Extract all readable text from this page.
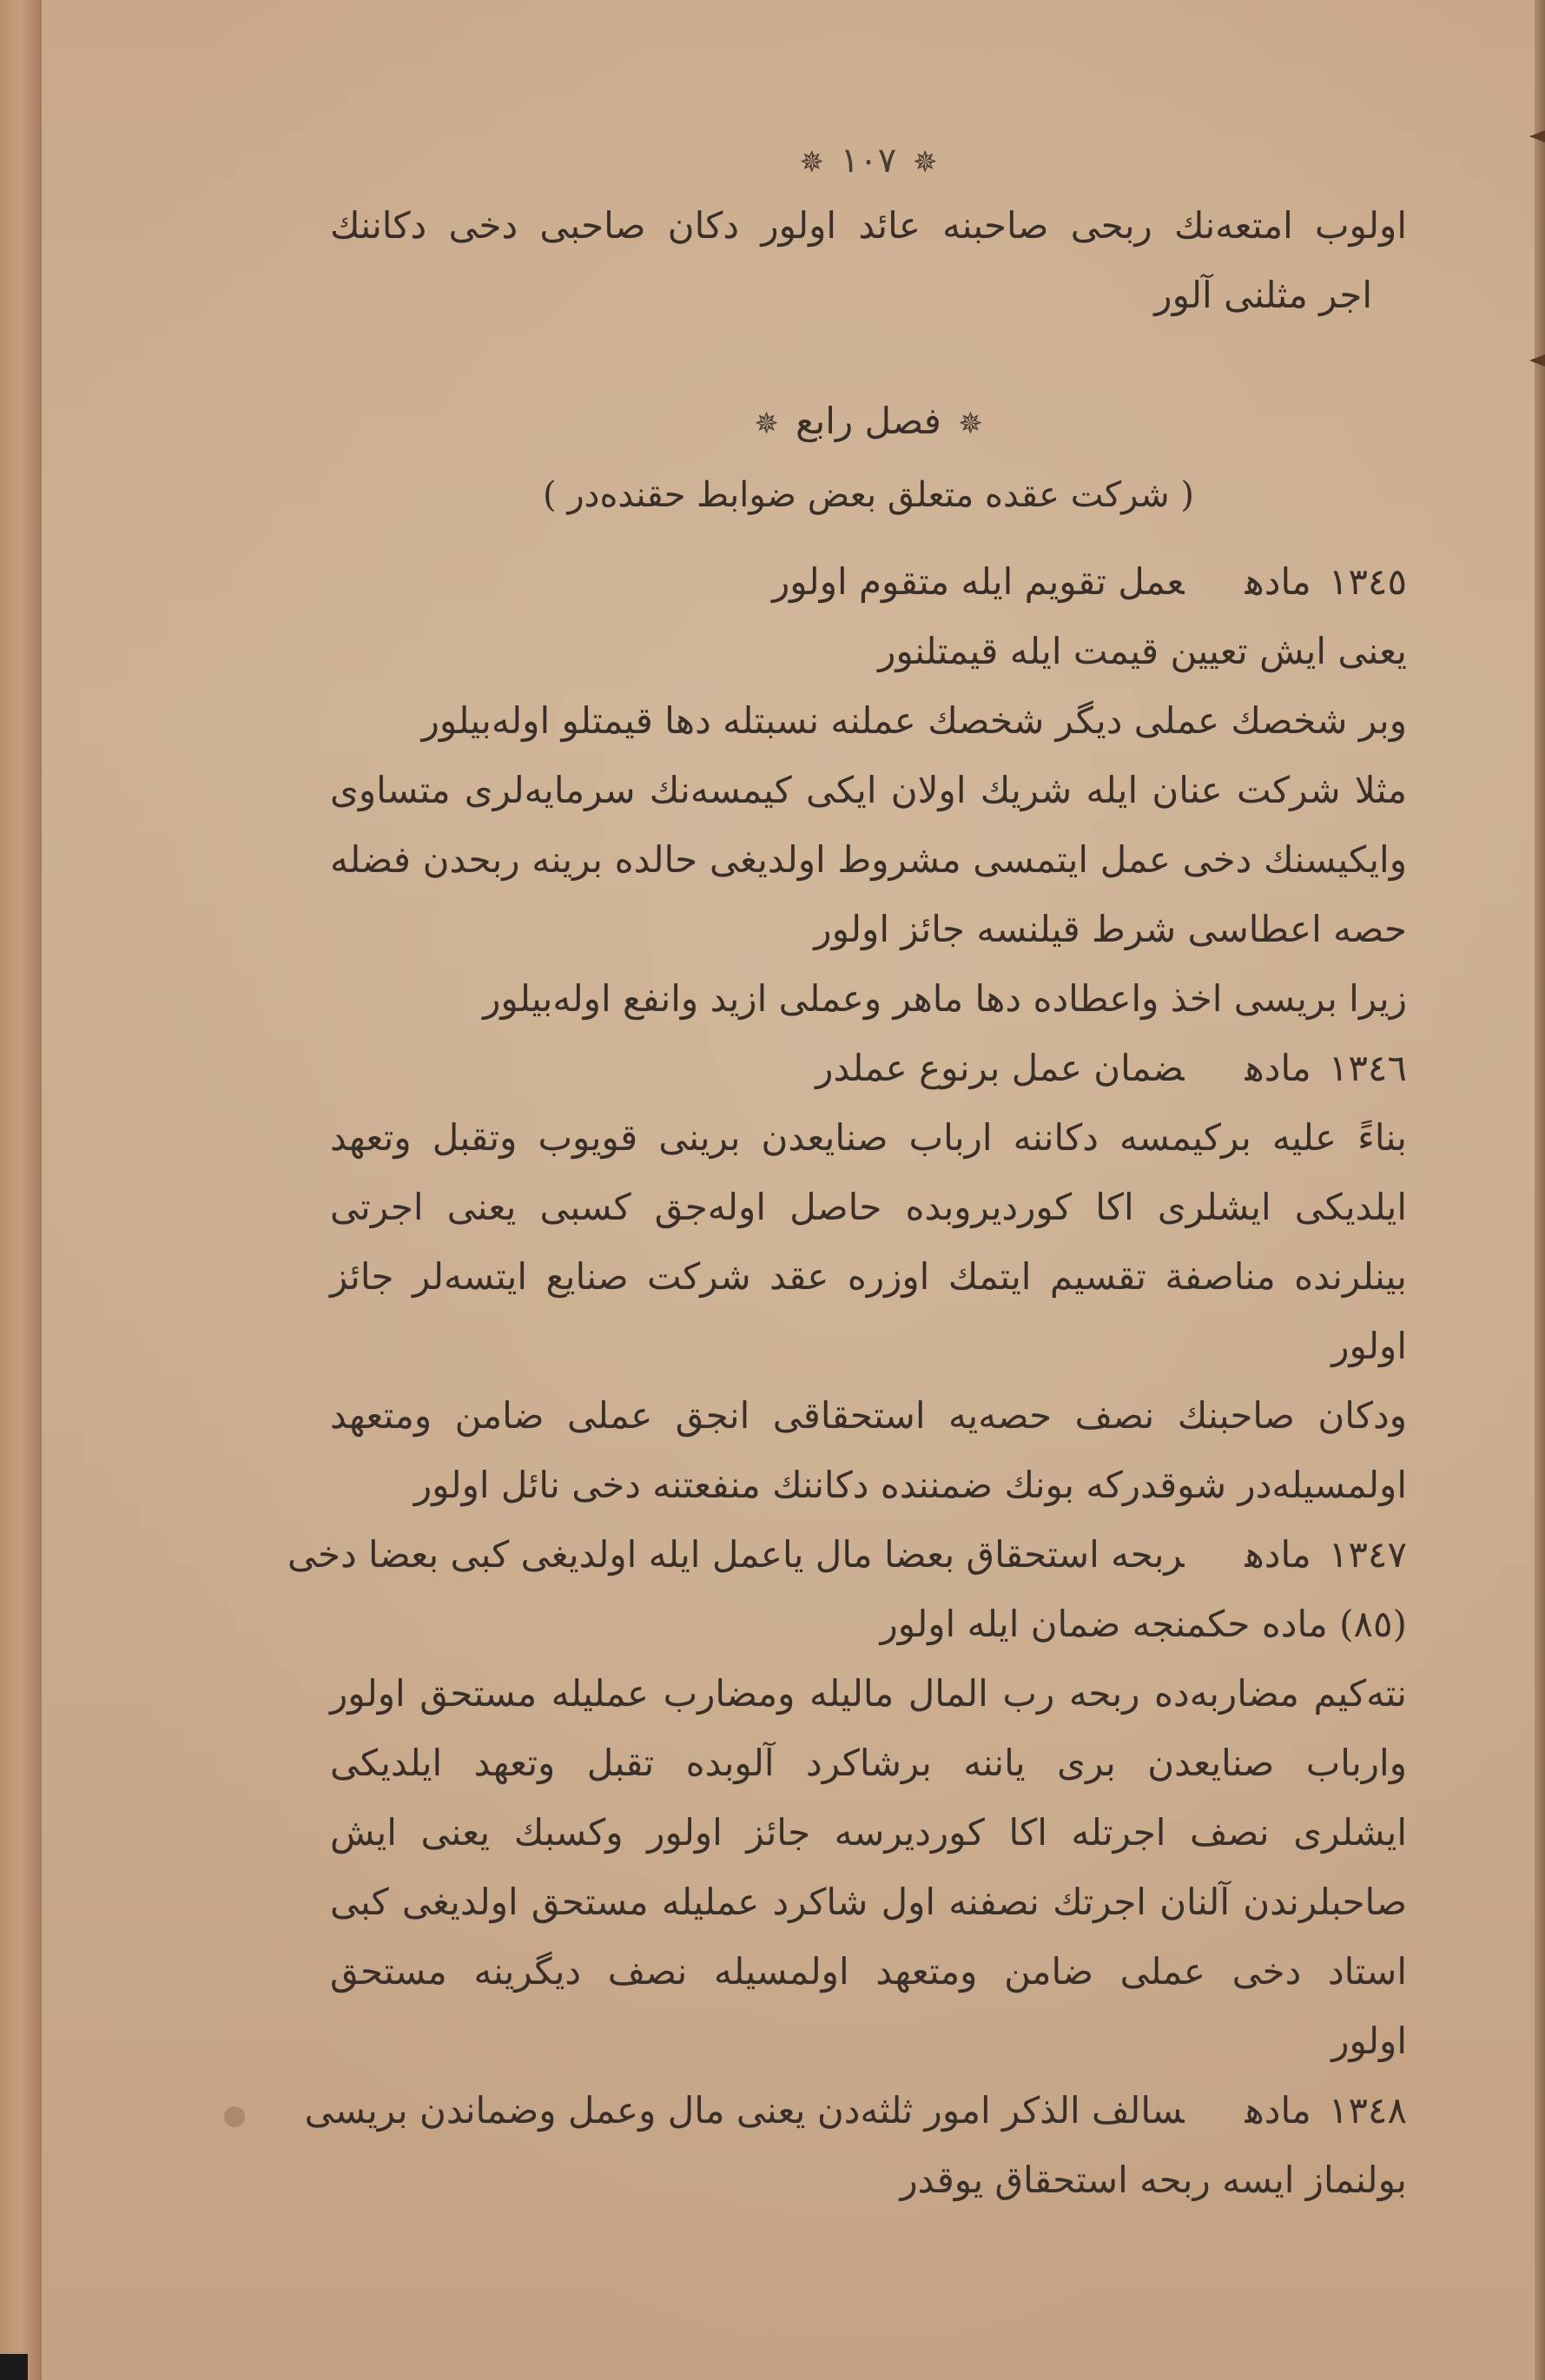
✵ ١٠٧ ✵
اولوب امتعه‌نك ربحی صاحبنه عائد اولور دكان صاحبی دخی دكاننك
اجر مثلنی آلور
✵ فصل رابع ✵
( شركت عقده متعلق بعض ضوابط حقنده‌در )
١٣٤٥مادهعمل تقویم ایله متقوم اولور
یعنی ایش تعیین قیمت ایله قیمتلنور
وبر شخصك عملی دیگر شخصك عملنه نسبتله دها قیمتلو اوله‌بیلور
مثلا شركت عنان ایله شریك اولان ایكی كیمسه‌نك سرمایه‌لری متساوی
وایكیسنك دخی عمل ایتمسی مشروط اولدیغی حالده برینه ربحدن فضله
حصه اعطاسی شرط قیلنسه جائز اولور
زیرا بریسی اخذ واعطاده دها ماهر وعملی ازید وانفع اوله‌بیلور
١٣٤٦مادهضمان عمل برنوع عملدر
بناءً علیه بركیمسه دكاننه ارباب صنایعدن برینی قویوب وتقبل وتعهد
ایلدیكی ایشلری اكا كوردیروبده حاصل اوله‌جق كسبی یعنی اجرتی
بینلرنده مناصفة تقسیم ایتمك اوزره عقد شركت صنایع ایتسه‌لر جائز
اولور
ودكان صاحبنك نصف حصه‌یه استحقاقی انجق عملی ضامن ومتعهد
اولمسیله‌در شوقدركه بونك ضمننده دكاننك منفعتنه دخی نائل اولور
١٣٤٧مادهربحه استحقاق بعضا مال یاعمل ایله اولدیغی كبی بعضا دخی
(٨٥) ماده حكمنجه ضمان ایله اولور
نته‌كیم مضاربه‌ده ربحه رب المال مالیله ومضارب عملیله مستحق اولور
وارباب صنایعدن بری یاننه برشاكرد آلوبده تقبل وتعهد ایلدیكی
ایشلری نصف اجرتله اكا كوردیرسه جائز اولور وكسبك یعنی ایش
صاحبلرندن آلنان اجرتك نصفنه اول شاكرد عملیله مستحق اولدیغی كبی
استاد دخی عملی ضامن ومتعهد اولمسیله نصف دیگرینه مستحق
اولور
١٣٤٨مادهسالف الذكر امور ثلثه‌دن یعنی مال وعمل وضماندن بریسی
بولنماز ایسه ربحه استحقاق یوقدر
